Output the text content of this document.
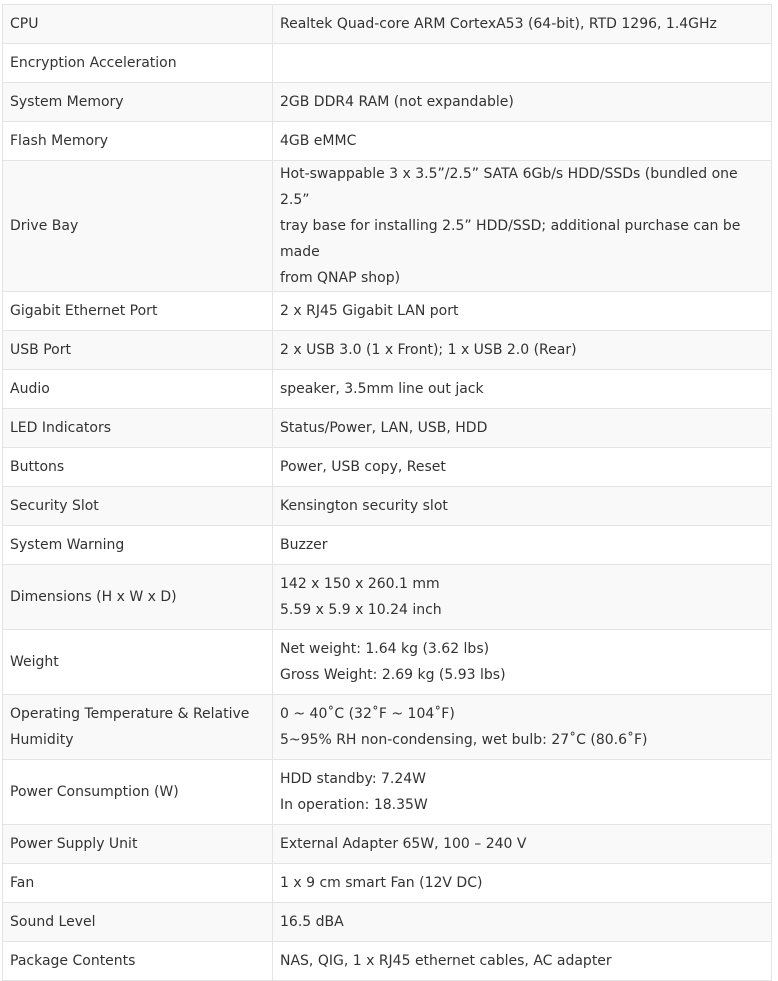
CPU	Realtek Quad-core ARM CortexA53 (64-bit), RTD 1296, 1.4GHz

Encryption Acceleration	

System Memory	2GB DDR4 RAM (not expandable)

Flash Memory	4GB eMMC

Drive Bay	Hot-swappable 3 x 3.5”/2.5” SATA 6Gb/s HDD/SSDs (bundled one 2.5”
tray base for installing 2.5” HDD/SSD; additional purchase can be made
from QNAP shop)

Gigabit Ethernet Port	2 x RJ45 Gigabit LAN port

USB Port	2 x USB 3.0 (1 x Front); 1 x USB 2.0 (Rear)

Audio	speaker, 3.5mm line out jack

LED Indicators	Status/Power, LAN, USB, HDD

Buttons	Power, USB copy, Reset

Security Slot	Kensington security slot

System Warning	Buzzer

Dimensions (H x W x D)	142 x 150 x 260.1 mm
5.59 x 5.9 x 10.24 inch

Weight	Net weight: 1.64 kg (3.62 lbs)
Gross Weight: 2.69 kg (5.93 lbs)

Operating Temperature & Relative
Humidity	0 ~ 40˚C (32˚F ~ 104˚F)
5~95% RH non-condensing, wet bulb: 27˚C (80.6˚F)

Power Consumption (W)	HDD standby: 7.24W
In operation: 18.35W

Power Supply Unit	External Adapter 65W, 100 – 240 V

Fan	1 x 9 cm smart Fan (12V DC)

Sound Level	16.5 dBA

Package Contents	NAS, QIG, 1 x RJ45 ethernet cables, AC adapter
